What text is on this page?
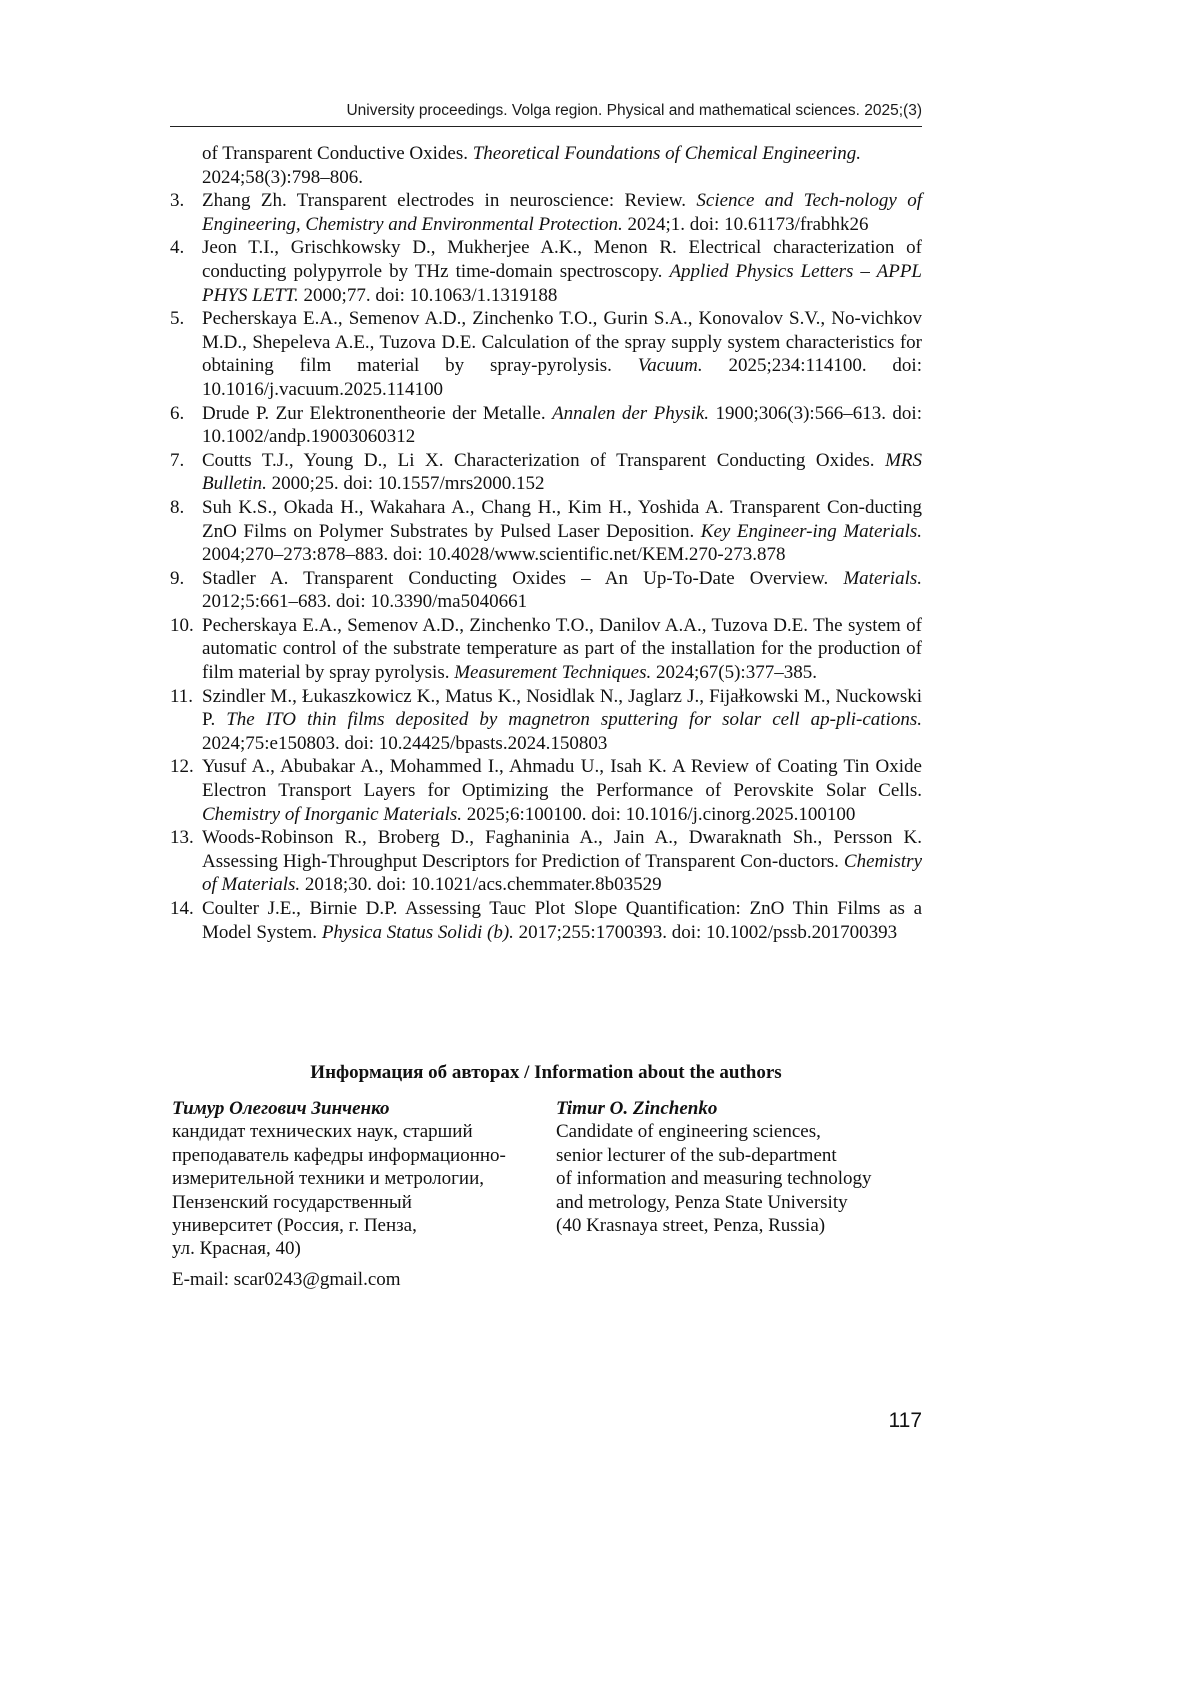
University proceedings. Volga region. Physical and mathematical sciences. 2025;(3)

of Transparent Conductive Oxides. Theoretical Foundations of Chemical Engineering. 2024;58(3):798–806.

3. Zhang Zh. Transparent electrodes in neuroscience: Review. Science and Tech-nology of Engineering, Chemistry and Environmental Protection. 2024;1. doi: 10.61173/frabhk26

4. Jeon T.I., Grischkowsky D., Mukherjee A.K., Menon R. Electrical characterization of conducting polypyrrole by THz time-domain spectroscopy. Applied Physics Letters – APPL PHYS LETT. 2000;77. doi: 10.1063/1.1319188

5. Pecherskaya E.A., Semenov A.D., Zinchenko T.O., Gurin S.A., Konovalov S.V., No-vichkov M.D., Shepeleva A.E., Tuzova D.E. Calculation of the spray supply system characteristics for obtaining film material by spray-pyrolysis. Vacuum. 2025;234:114100. doi: 10.1016/j.vacuum.2025.114100

6. Drude P. Zur Elektronentheorie der Metalle. Annalen der Physik. 1900;306(3):566–613. doi: 10.1002/andp.19003060312

7. Coutts T.J., Young D., Li X. Characterization of Transparent Conducting Oxides. MRS Bulletin. 2000;25. doi: 10.1557/mrs2000.152

8. Suh K.S., Okada H., Wakahara A., Chang H., Kim H., Yoshida A. Transparent Con-ducting ZnO Films on Polymer Substrates by Pulsed Laser Deposition. Key Engineer-ing Materials. 2004;270–273:878–883. doi: 10.4028/www.scientific.net/KEM.270-273.878

9. Stadler A. Transparent Conducting Oxides – An Up-To-Date Overview. Materials. 2012;5:661–683. doi: 10.3390/ma5040661

10. Pecherskaya E.A., Semenov A.D., Zinchenko T.O., Danilov A.A., Tuzova D.E. The system of automatic control of the substrate temperature as part of the installation for the production of film material by spray pyrolysis. Measurement Techniques. 2024;67(5):377–385.

11. Szindler M., Łukaszkowicz K., Matus K., Nosidlak N., Jaglarz J., Fijałkowski M., Nuckowski P. The ITO thin films deposited by magnetron sputtering for solar cell ap-pli-cations. 2024;75:e150803. doi: 10.24425/bpasts.2024.150803

12. Yusuf A., Abubakar A., Mohammed I., Ahmadu U., Isah K. A Review of Coating Tin Oxide Electron Transport Layers for Optimizing the Performance of Perovskite Solar Cells. Chemistry of Inorganic Materials. 2025;6:100100. doi: 10.1016/j.cinorg.2025.100100

13. Woods-Robinson R., Broberg D., Faghaninia A., Jain A., Dwaraknath Sh., Persson K. Assessing High-Throughput Descriptors for Prediction of Transparent Con-ductors. Chemistry of Materials. 2018;30. doi: 10.1021/acs.chemmater.8b03529

14. Coulter J.E., Birnie D.P. Assessing Tauc Plot Slope Quantification: ZnO Thin Films as a Model System. Physica Status Solidi (b). 2017;255:1700393. doi: 10.1002/pssb.201700393

Информация об авторах / Information about the authors
Тимур Олегович Зинченко
кандидат технических наук, старший
преподаватель кафедры информационно-
измерительной техники и метрологии,
Пензенский государственный
университет (Россия, г. Пенза,
ул. Красная, 40)
Timur O. Zinchenko
Candidate of engineering sciences,
senior lecturer of the sub-department
of information and measuring technology
and metrology, Penza State University
(40 Krasnaya street, Penza, Russia)
E-mail: scar0243@gmail.com
117
